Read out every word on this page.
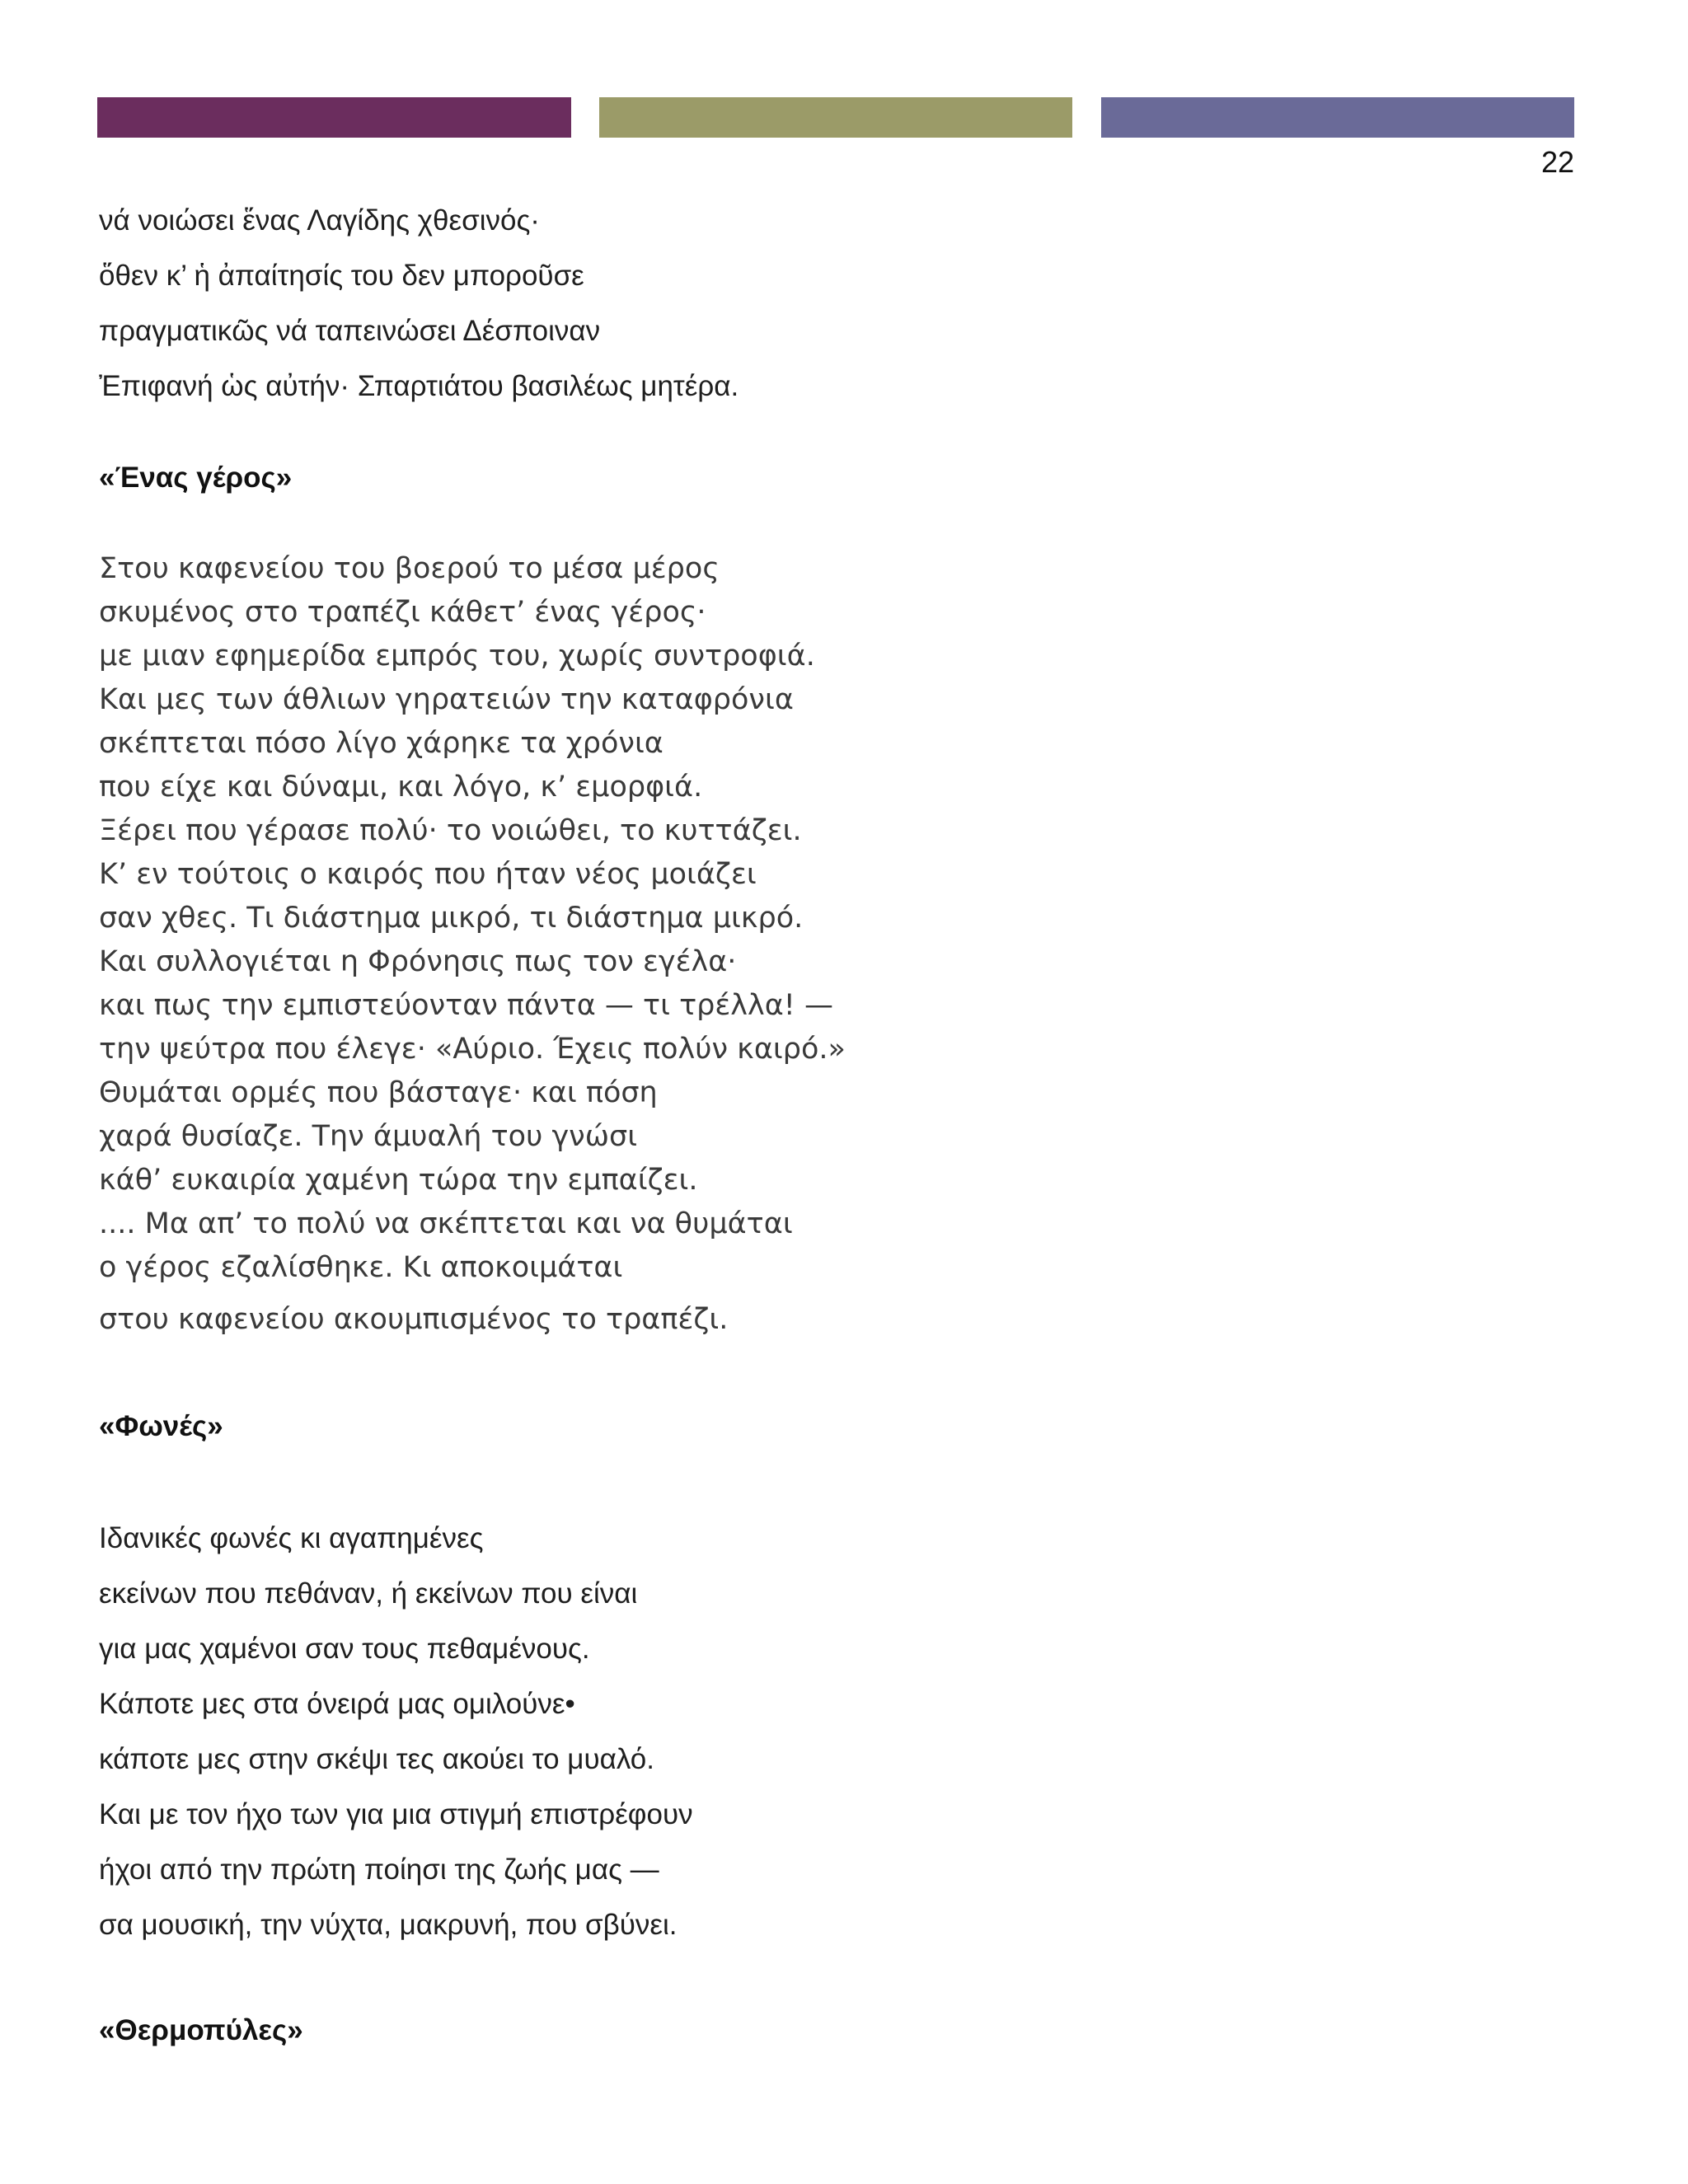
22
νά νοιώσει ἕνας Λαγίδης χθεσινός·
ὅθεν κ’ ἡ ἀπαίτησίς του δεν μποροῦσε
πραγματικῶς νά ταπεινώσει Δέσποιναν
Ἐπιφανή ὡς αὐτήν· Σπαρτιάτου βασιλέως μητέρα.
«Ένας γέρος»
Στου καφενείου του βοερού το μέσα μέρος
σκυμένος στο τραπέζι κάθετ’ ένας γέρος·
με μιαν εφημερίδα εμπρός του, χωρίς συντροφιά.
Και μες των άθλιων γηρατειών την καταφρόνια
σκέπτεται πόσο λίγο χάρηκε τα χρόνια
που είχε και δύναμι, και λόγο, κ’ εμορφιά.
Ξέρει που γέρασε πολύ· το νοιώθει, το κυττάζει.
Κ’ εν τούτοις ο καιρός που ήταν νέος μοιάζει
σαν χθες. Τι διάστημα μικρό, τι διάστημα μικρό.
Και συλλογιέται η Φρόνησις πως τον εγέλα·
και πως την εμπιστεύονταν πάντα — τι τρέλλα! —
την ψεύτρα που έλεγε· «Αύριο. Έχεις πολύν καιρό.»
Θυμάται ορμές που βάσταγε· και πόση
χαρά θυσίαζε. Την άμυαλή του γνώσι
κάθ’ ευκαιρία χαμένη τώρα την εμπαίζει.
.... Μα απ’ το πολύ να σκέπτεται και να θυμάται
ο γέρος εζαλίσθηκε. Κι αποκοιμάται
στου καφενείου ακουμπισμένος το τραπέζι.
«Φωνές»
Ιδανικές φωνές κι αγαπημένες
εκείνων που πεθάναν, ή εκείνων που είναι
για μας χαμένοι σαν τους πεθαμένους.
Κάποτε μες στα όνειρά μας ομιλούνε•
κάποτε μες στην σκέψι τες ακούει το μυαλό.
Και με τον ήχο των για μια στιγμή επιστρέφουν
ήχοι από την πρώτη ποίησι της ζωής μας —
σα μουσική, την νύχτα, μακρυνή, που σβύνει.
«Θερμοπύλες»
